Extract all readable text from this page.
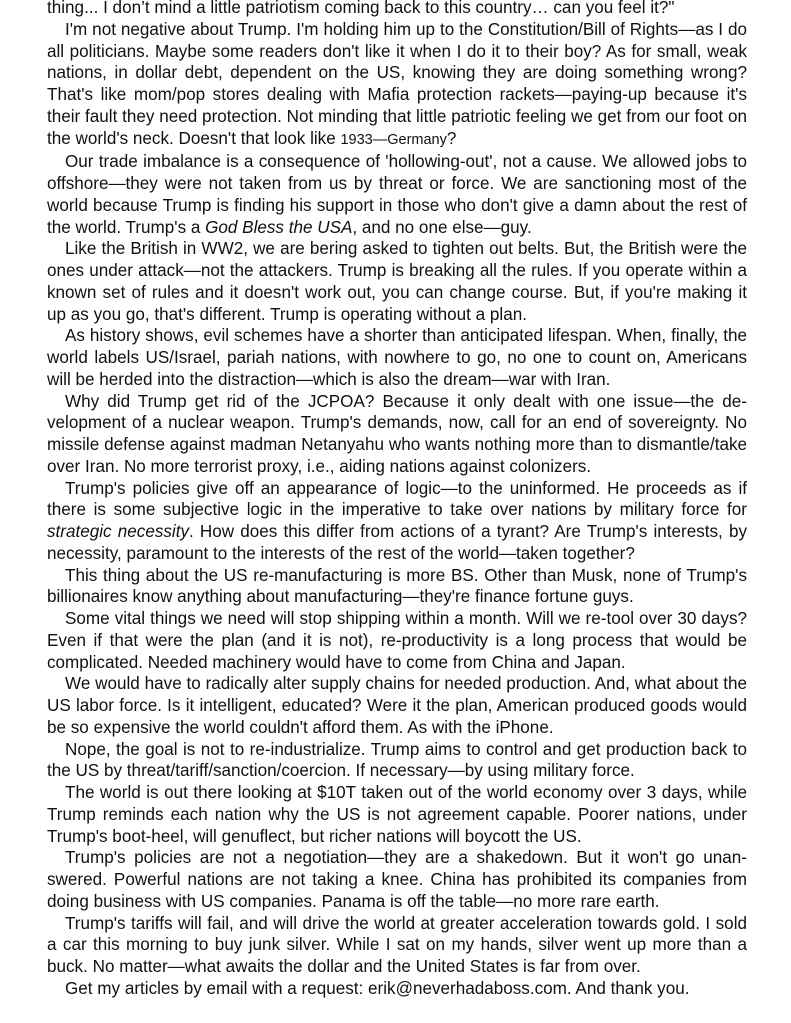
thing... I don’t mind a little patriotism coming back to this country… can you feel it?"

I'm not negative about Trump. I'm holding him up to the Constitution/Bill of Rights—as I do all politicians. Maybe some readers don't like it when I do it to their boy? As for small, weak nations, in dollar debt, dependent on the US, knowing they are doing something wrong? That's like mom/pop stores dealing with Mafia protection rackets—paying-up because it's their fault they need protection. Not minding that little patriotic feeling we get from our foot on the world's neck. Doesn't that look like 1933—Germany?

Our trade imbalance is a consequence of 'hollowing-out', not a cause. We allowed jobs to offshore—they were not taken from us by threat or force. We are sanctioning most of the world because Trump is finding his support in those who don't give a damn about the rest of the world. Trump's a God Bless the USA, and no one else—guy.

Like the British in WW2, we are bering asked to tighten out belts. But, the British were the ones under attack—not the attackers. Trump is breaking all the rules. If you operate within a known set of rules and it doesn't work out, you can change course. But, if you're making it up as you go, that's different. Trump is operating without a plan.

As history shows, evil schemes have a shorter than anticipated lifespan. When, finally, the world labels US/Israel, pariah nations, with nowhere to go, no one to count on, Americans will be herded into the distraction—which is also the dream—war with Iran.

Why did Trump get rid of the JCPOA? Because it only dealt with one issue—the development of a nuclear weapon. Trump's demands, now, call for an end of sovereignty. No missile defense against madman Netanyahu who wants nothing more than to dismantle/take over Iran. No more terrorist proxy, i.e., aiding nations against colonizers.

Trump's policies give off an appearance of logic—to the uninformed. He proceeds as if there is some subjective logic in the imperative to take over nations by military force for strategic necessity. How does this differ from actions of a tyrant? Are Trump's interests, by necessity, paramount to the interests of the rest of the world—taken together?

This thing about the US re-manufacturing is more BS. Other than Musk, none of Trump's billionaires know anything about manufacturing—they're finance fortune guys.

Some vital things we need will stop shipping within a month. Will we re-tool over 30 days? Even if that were the plan (and it is not), re-productivity is a long process that would be complicated. Needed machinery would have to come from China and Japan.

We would have to radically alter supply chains for needed production. And, what about the US labor force. Is it intelligent, educated? Were it the plan, American produced goods would be so expensive the world couldn't afford them. As with the iPhone.

Nope, the goal is not to re-industrialize. Trump aims to control and get production back to the US by threat/tariff/sanction/coercion. If necessary—by using military force.

The world is out there looking at $10T taken out of the world economy over 3 days, while Trump reminds each nation why the US is not agreement capable. Poorer nations, under Trump's boot-heel, will genuflect, but richer nations will boycott the US.

Trump's policies are not a negotiation—they are a shakedown. But it won't go unanswered. Powerful nations are not taking a knee. China has prohibited its companies from doing business with US companies. Panama is off the table—no more rare earth.

Trump's tariffs will fail, and will drive the world at greater acceleration towards gold. I sold a car this morning to buy junk silver. While I sat on my hands, silver went up more than a buck. No matter—what awaits the dollar and the United States is far from over.

Get my articles by email with a request: erik@neverhadaboss.com. And thank you.
